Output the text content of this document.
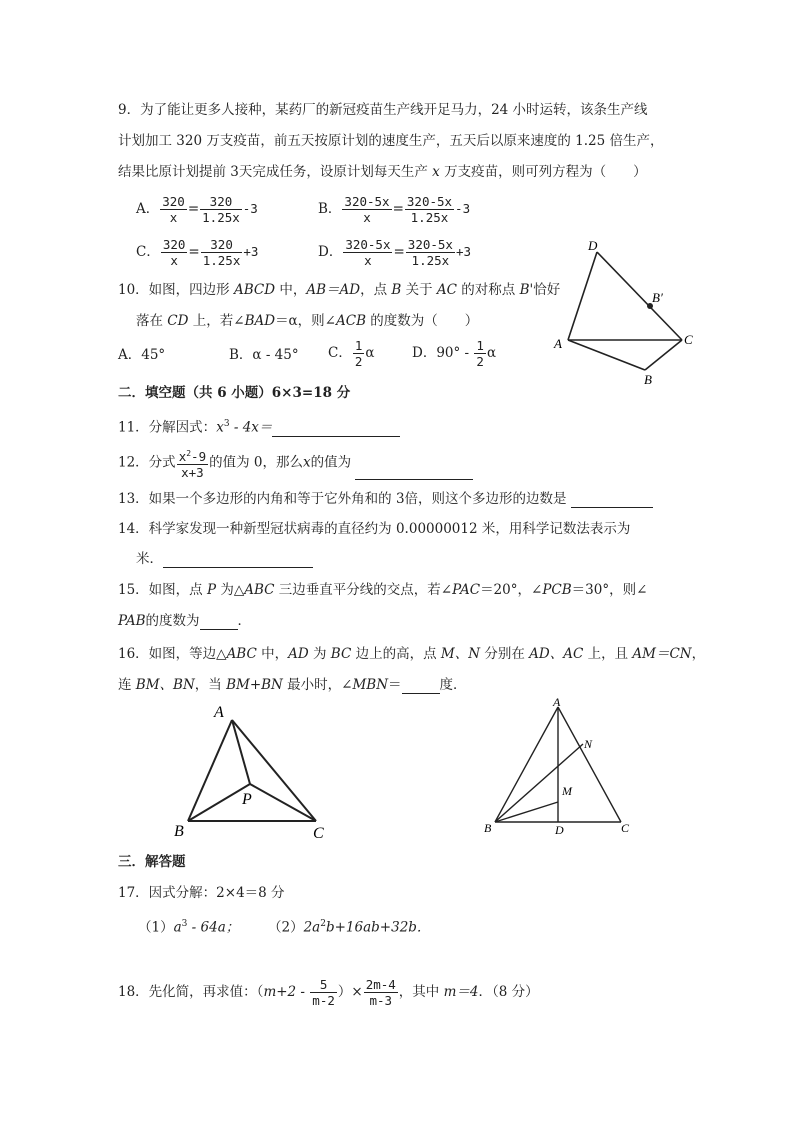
9．为了能让更多人接种，某药厂的新冠疫苗生产线开足马力，24 小时运转，该条生产线
计划加工 320 万支疫苗，前五天按原计划的速度生产，五天后以原来速度的 1.25 倍生产，
结果比原计划提前 3天完成任务，设原计划每天生产 x 万支疫苗，则可列方程为（　　）
A． $\frac{320}{x} = \frac{320}{1.25x} -3$	B． $\frac{320-5x}{x} = \frac{320-5x}{1.25x} -3$
C． $\frac{320}{x} = \frac{320}{1.25x} +3$	D． $\frac{320-5x}{x} = \frac{320-5x}{1.25x} +3$
10．如图，四边形 ABCD 中，AB＝AD，点 B 关于 AC 的对称点 B'恰好
落在 CD 上，若∠BAD＝α，则∠ACB 的度数为（　　）
A．45°	B．α - 45° C． $\frac{1}{2}$ α	D．$90^\circ - \frac{1}{2}$ α
D
B′
A	C
B
二．填空题（共 6 小题）6×3=18 分
11．分解因式：$x^3 - 4x=$
12．分式 $\frac{x^2-9}{x+3}$ 的值为 0，那么x的值为
13．如果一个多边形的内角和等于它外角和的 3倍，则这个多边形的边数是
14．科学家发现一种新型冠状病毒的直径约为 0.00000012 米，用科学记数法表示为
米．
15．如图，点 P 为△ABC 三边垂直平分线的交点，若∠PAC＝20°，∠PCB＝30°，则∠
PAB的度数为	．
16．如图，等边△ABC 中，AD 为 BC 边上的高，点 M、N 分别在 AD、AC 上，且 AM＝CN，
连 BM、BN，当 BM+BN 最小时，∠MBN＝	度．
A
P
B	C
A
N
M
B	D	C
三．解答题
17．因式分解：2×4＝8 分
$(1)a^3 - 64a$； $(2)2a^2b+16ab+32b$．
18．先化简，再求值：（$m+2 - \frac{5}{m-2}$ ）× $\frac{2m-4}{m-3}$ ，其中 m＝4．（8 分）
